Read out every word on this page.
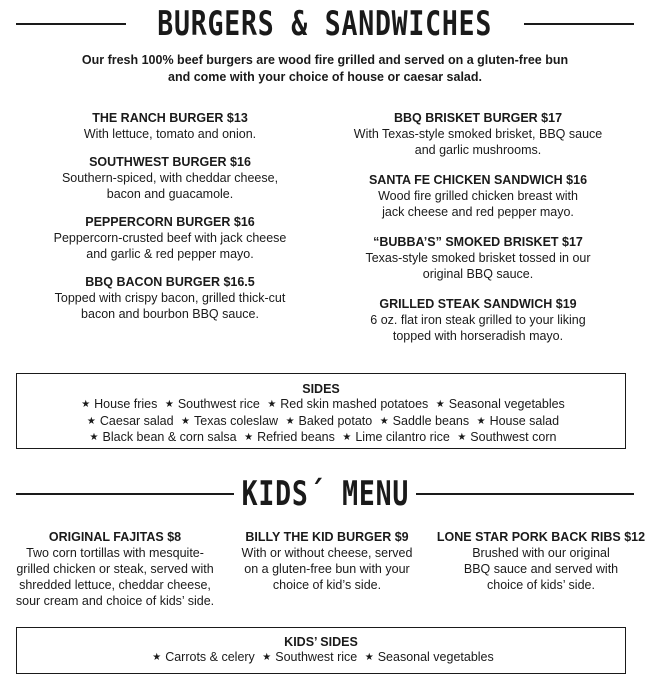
BURGERS & SANDWICHES
Our fresh 100% beef burgers are wood fire grilled and served on a gluten-free bun
and come with your choice of house or caesar salad.
THE RANCH BURGER $13
With lettuce, tomato and onion.
SOUTHWEST BURGER $16
Southern-spiced, with cheddar cheese,
bacon and guacamole.
PEPPERCORN BURGER $16
Peppercorn-crusted beef with jack cheese
and garlic & red pepper mayo.
BBQ BACON BURGER $16.5
Topped with crispy bacon, grilled thick-cut
bacon and bourbon BBQ sauce.
BBQ BRISKET BURGER $17
With Texas-style smoked brisket, BBQ sauce
and garlic mushrooms.
SANTA FE CHICKEN SANDWICH $16
Wood fire grilled chicken breast with
jack cheese and red pepper mayo.
“BUBBA’S” SMOKED BRISKET $17
Texas-style smoked brisket tossed in our
original BBQ sauce.
GRILLED STEAK SANDWICH $19
6 oz. flat iron steak grilled to your liking
topped with horseradish mayo.
SIDES
★ House fries ★ Southwest rice ★ Red skin mashed potatoes ★ Seasonal vegetables
★ Caesar salad ★ Texas coleslaw ★ Baked potato ★ Saddle beans ★ House salad
★ Black bean & corn salsa ★ Refried beans ★ Lime cilantro rice ★ Southwest corn
KIDS´ MENU
ORIGINAL FAJITAS $8
Two corn tortillas with mesquite-
grilled chicken or steak, served with
shredded lettuce, cheddar cheese,
sour cream and choice of kids’ side.
BILLY THE KID BURGER $9
With or without cheese, served
on a gluten-free bun with your
choice of kid’s side.
LONE STAR PORK BACK RIBS $12
Brushed with our original
BBQ sauce and served with
choice of kids’ side.
KIDS’ SIDES
★ Carrots & celery ★ Southwest rice ★ Seasonal vegetables
